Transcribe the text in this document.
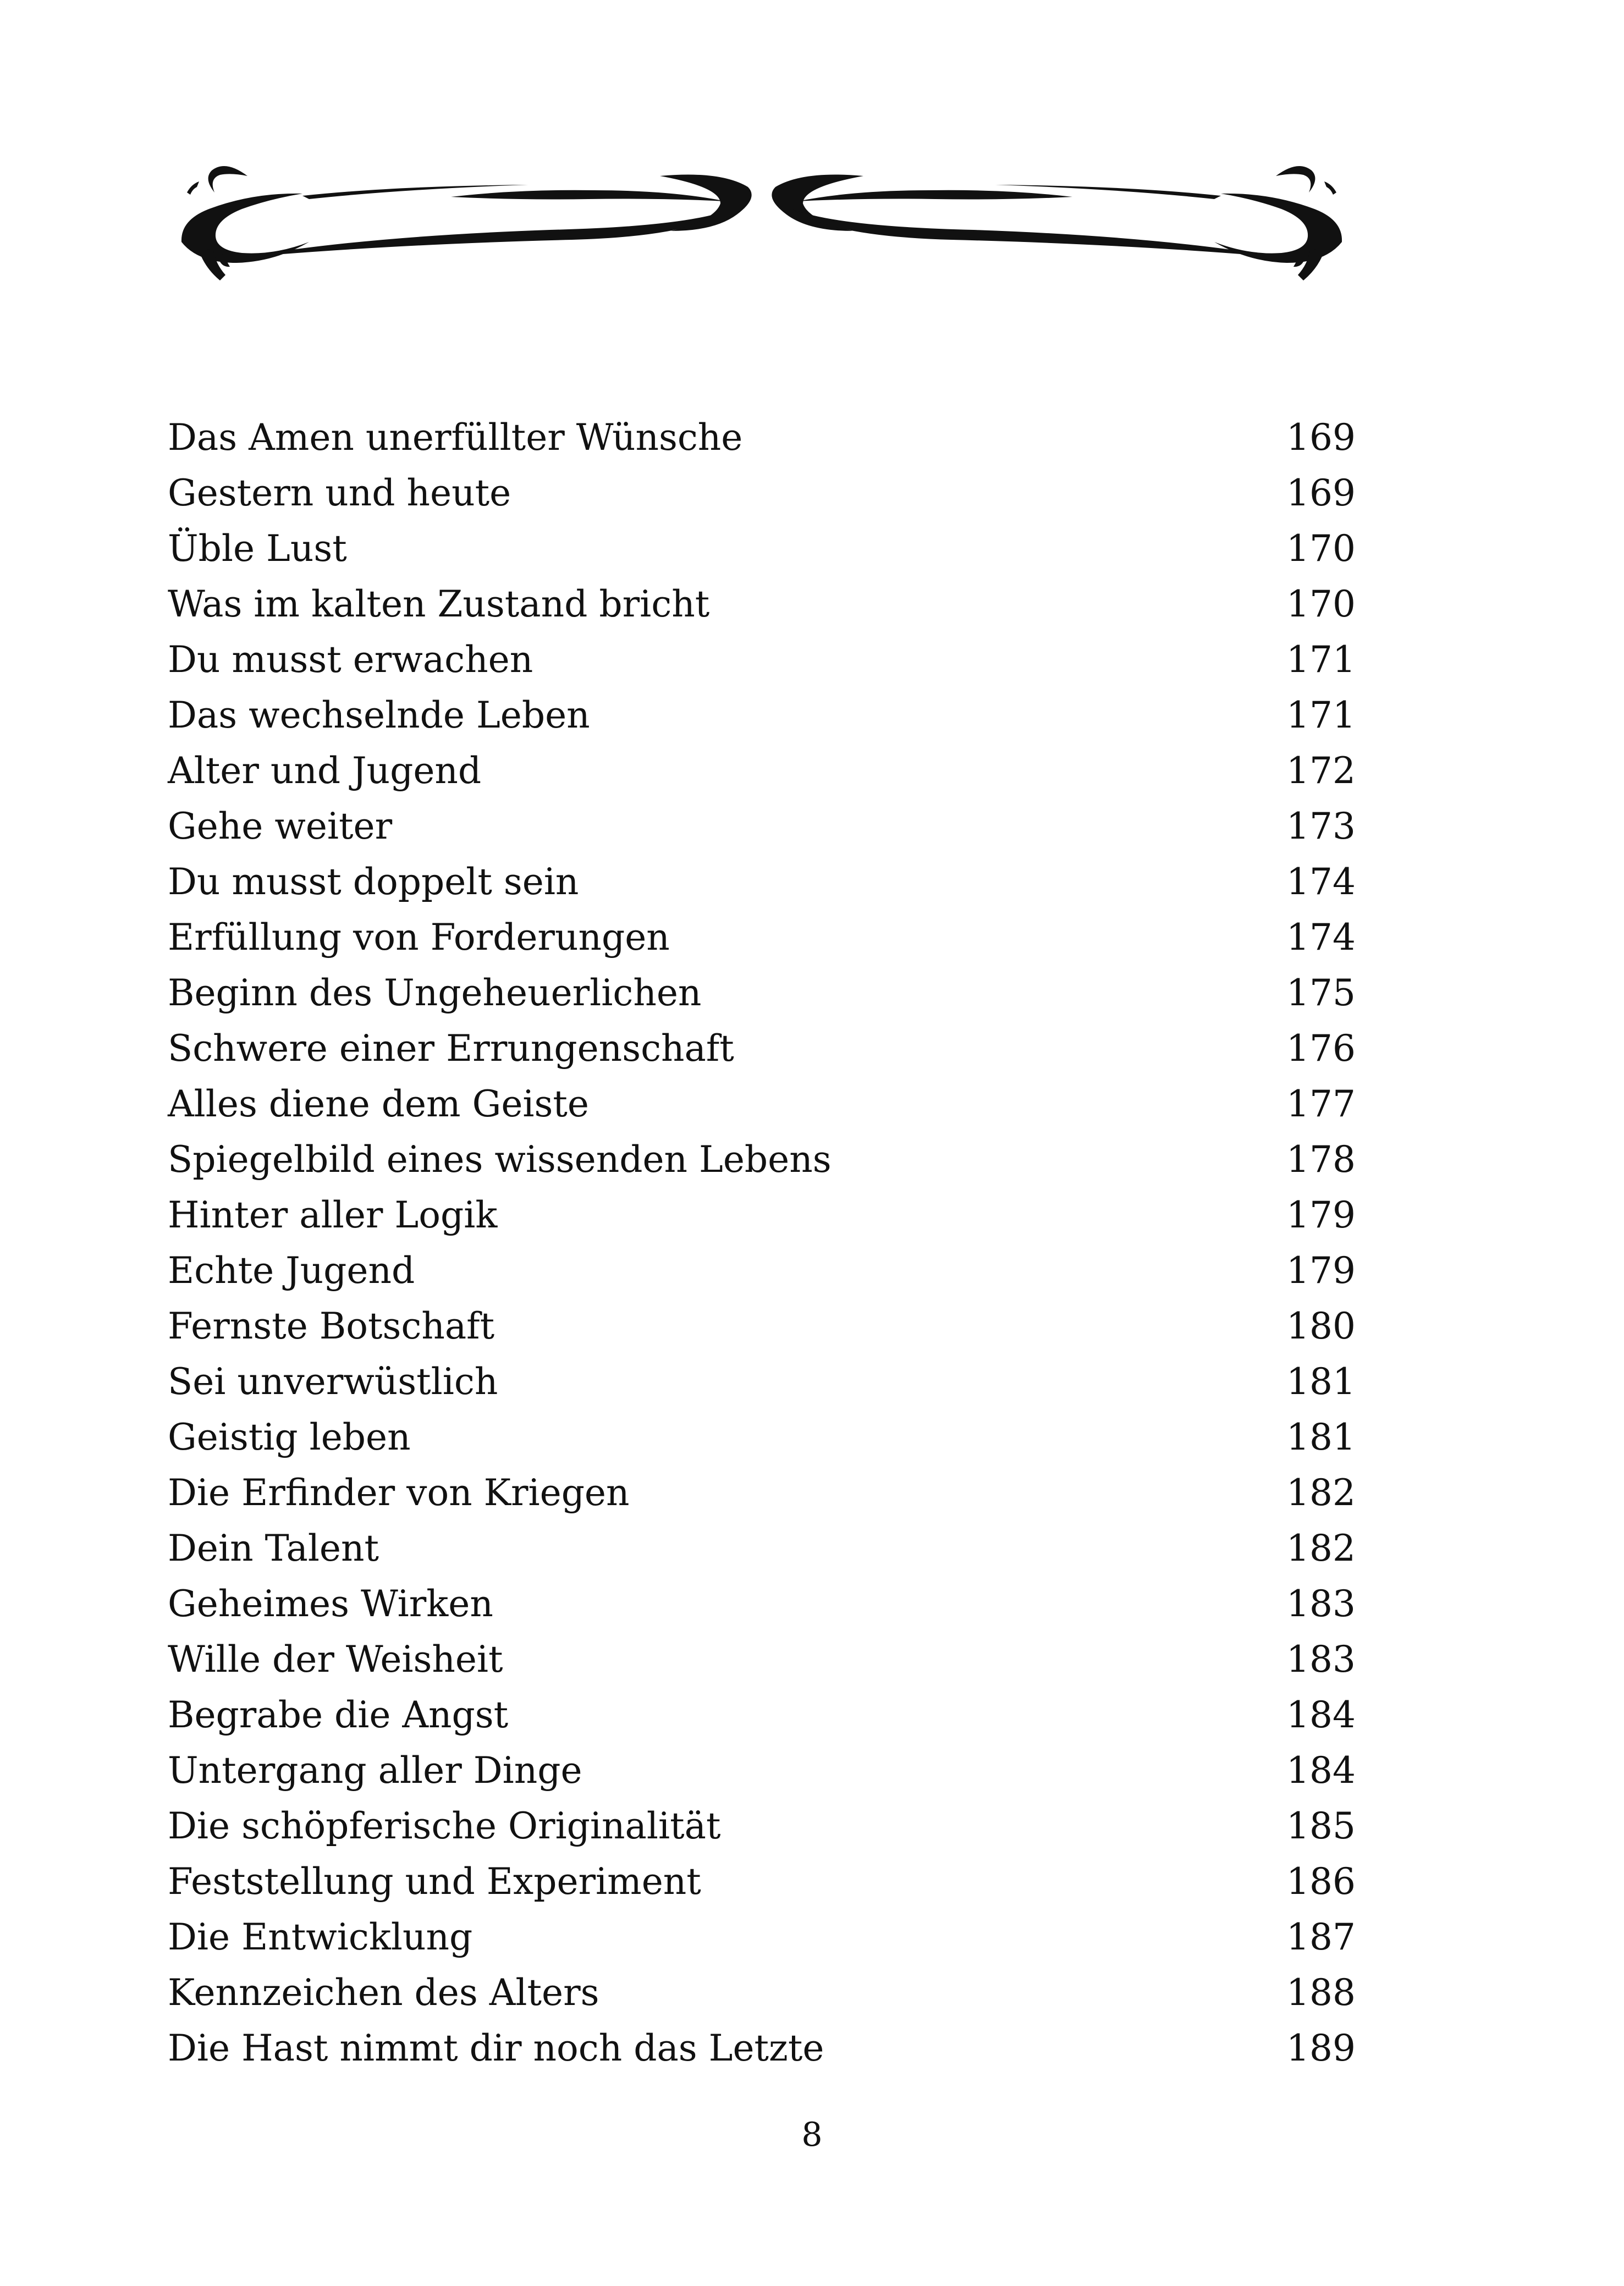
Das Amen unerfüllter Wünsche	169
Gestern und heute	169
Üble Lust	170
Was im kalten Zustand bricht	170
Du musst erwachen	171
Das wechselnde Leben	171
Alter und Jugend	172
Gehe weiter	173
Du musst doppelt sein	174
Erfüllung von Forderungen	174
Beginn des Ungeheuerlichen	175
Schwere einer Errungenschaft	176
Alles diene dem Geiste	177
Spiegelbild eines wissenden Lebens	178
Hinter aller Logik	179
Echte Jugend	179
Fernste Botschaft	180
Sei unverwüstlich	181
Geistig leben	181
Die Erfinder von Kriegen	182
Dein Talent	182
Geheimes Wirken	183
Wille der Weisheit	183
Begrabe die Angst	184
Untergang aller Dinge	184
Die schöpferische Originalität	185
Feststellung und Experiment	186
Die Entwicklung	187
Kennzeichen des Alters	188
Die Hast nimmt dir noch das Letzte	189
8
